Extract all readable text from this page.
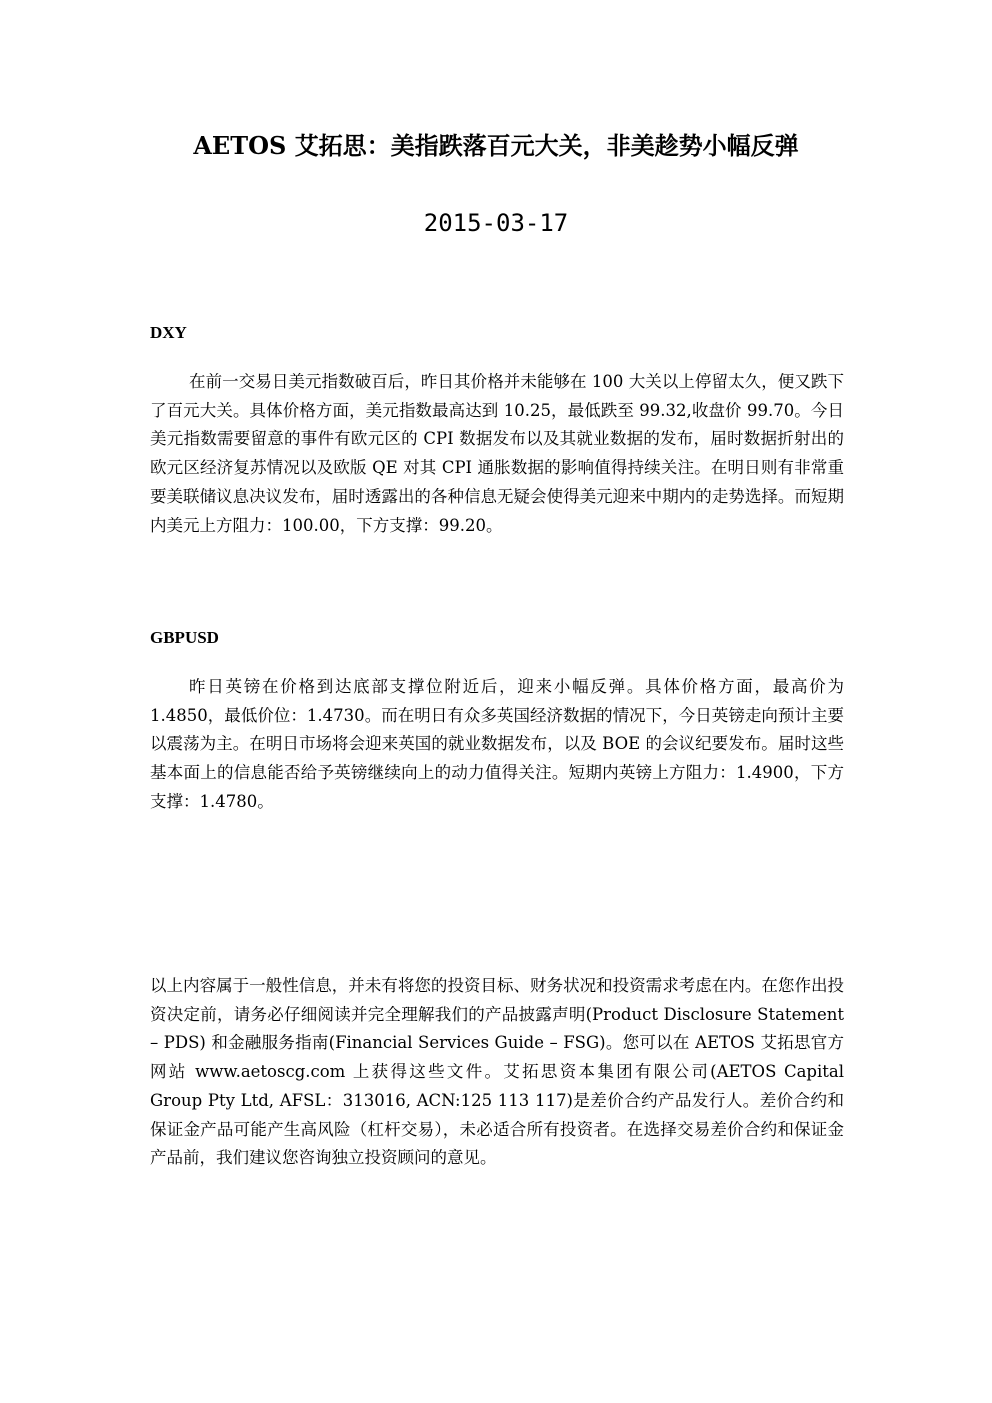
AETOS 艾拓思：美指跌落百元大关，非美趁势小幅反弹
2015-03-17
DXY

在前一交易日美元指数破百后，昨日其价格并未能够在 100 大关以上停留太久，便又跌下了百元大关。具体价格方面，美元指数最高达到 10.25，最低跌至 99.32,收盘价 99.70。今日美元指数需要留意的事件有欧元区的 CPI 数据发布以及其就业数据的发布，届时数据折射出的欧元区经济复苏情况以及欧版 QE 对其 CPI 通胀数据的影响值得持续关注。在明日则有非常重要美联储议息决议发布，届时透露出的各种信息无疑会使得美元迎来中期内的走势选择。而短期内美元上方阻力：100.00，下方支撑：99.20。

GBPUSD

昨日英镑在价格到达底部支撑位附近后，迎来小幅反弹。具体价格方面，最高价为 1.4850，最低价位：1.4730。而在明日有众多英国经济数据的情况下，今日英镑走向预计主要以震荡为主。在明日市场将会迎来英国的就业数据发布，以及 BOE 的会议纪要发布。届时这些基本面上的信息能否给予英镑继续向上的动力值得关注。短期内英镑上方阻力：1.4900，下方支撑：1.4780。

以上内容属于一般性信息，并未有将您的投资目标、财务状况和投资需求考虑在内。在您作出投资决定前，请务必仔细阅读并完全理解我们的产品披露声明(Product Disclosure Statement – PDS) 和金融服务指南(Financial Services Guide – FSG)。您可以在 AETOS 艾拓思官方网站 www.aetoscg.com 上获得这些文件。艾拓思资本集团有限公司(AETOS Capital Group Pty Ltd, AFSL：313016, ACN:125 113 117)是差价合约产品发行人。差价合约和保证金产品可能产生高风险（杠杆交易），未必适合所有投资者。在选择交易差价合约和保证金产品前，我们建议您咨询独立投资顾问的意见。
